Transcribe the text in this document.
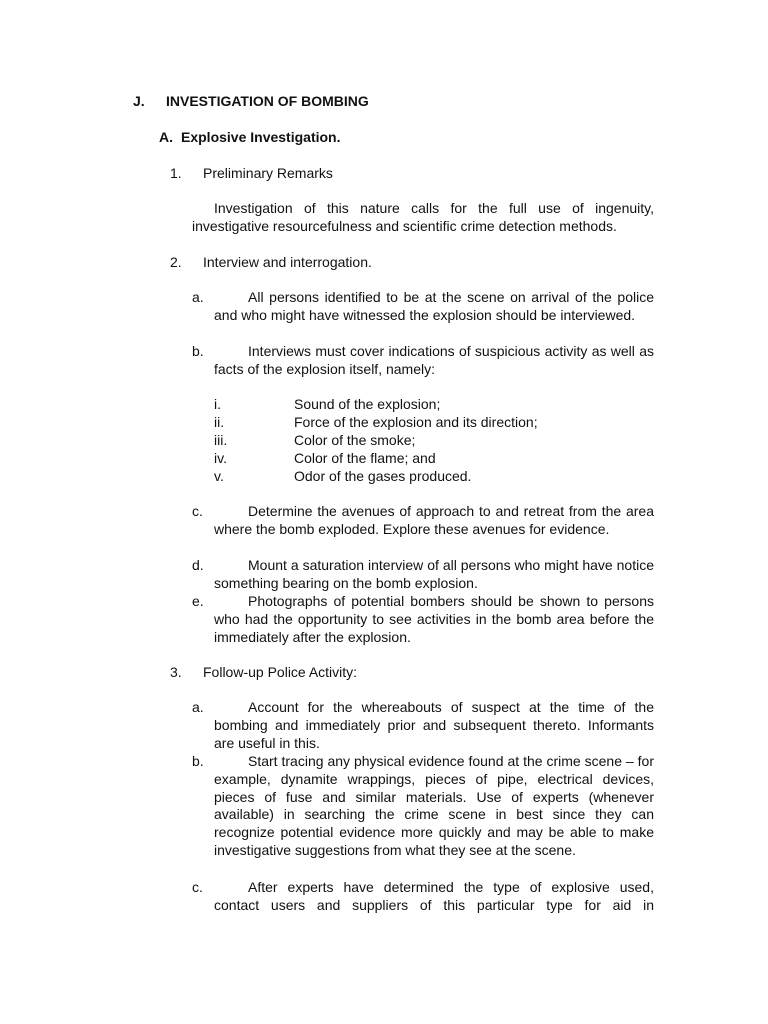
J. INVESTIGATION OF BOMBING
A. Explosive Investigation.
1. Preliminary Remarks
Investigation of this nature calls for the full use of ingenuity, investigative resourcefulness and scientific crime detection methods.
2. Interview and interrogation.
a.	All persons identified to be at the scene on arrival of the police and who might have witnessed the explosion should be interviewed.
b.	Interviews must cover indications of suspicious activity as well as facts of the explosion itself, namely:
i.	Sound of the explosion;
ii.	Force of the explosion and its direction;
iii.	Color of the smoke;
iv.	Color of the flame; and
v.	Odor of the gases produced.
c.	Determine the avenues of approach to and retreat from the area where the bomb exploded. Explore these avenues for evidence.
d.	Mount a saturation interview of all persons who might have notice something bearing on the bomb explosion.
e.	Photographs of potential bombers should be shown to persons who had the opportunity to see activities in the bomb area before the immediately after the explosion.
3. Follow-up Police Activity:
a.	Account for the whereabouts of suspect at the time of the bombing and immediately prior and subsequent thereto. Informants are useful in this.
b.	Start tracing any physical evidence found at the crime scene – for example, dynamite wrappings, pieces of pipe, electrical devices, pieces of fuse and similar materials. Use of experts (whenever available) in searching the crime scene in best since they can recognize potential evidence more quickly and may be able to make investigative suggestions from what they see at the scene.
c.	After experts have determined the type of explosive used, contact users and suppliers of this particular type for aid in
